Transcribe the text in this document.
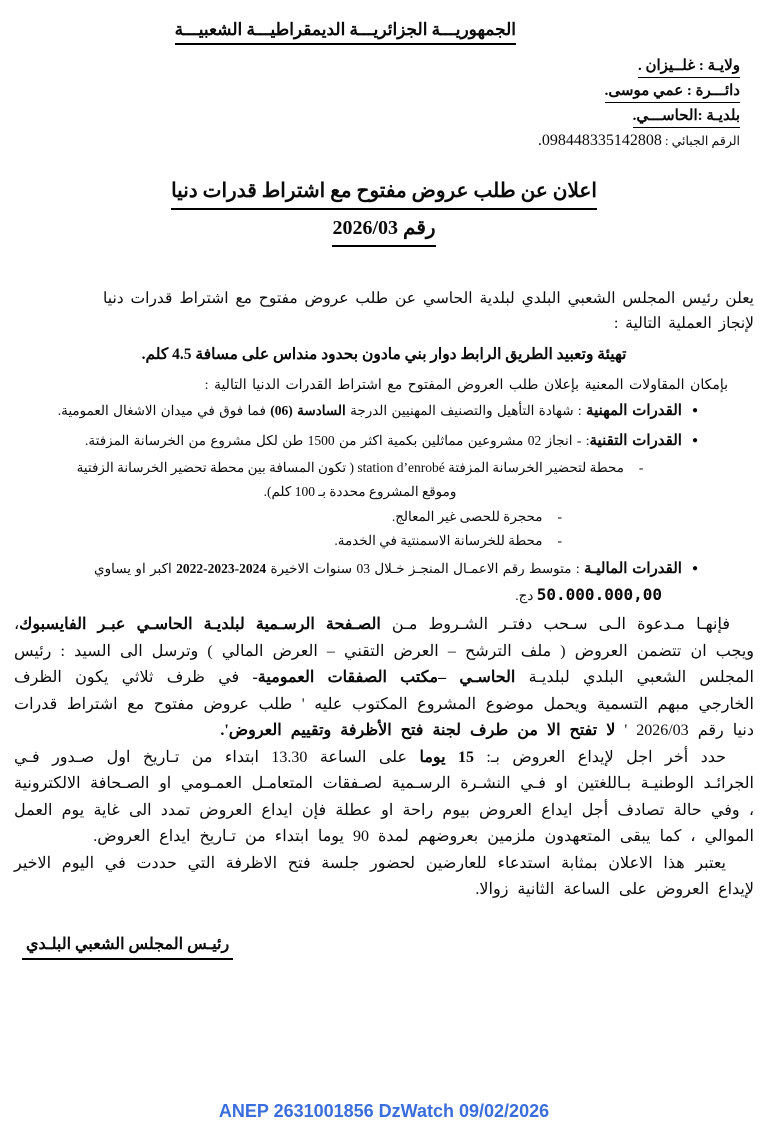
الجمهوريـــة الجزائريـــة الديمقراطيـــة الشعبيـــة
ولايـة : غلــيزان .
دائـــرة : عمي موسى.
بلديـة :الحاســـي.
الرقم الجبائي : 098448335142808.
اعلان عن طلب عروض مفتوح مع اشتراط قدرات دنيا
رقم 2026/03
يعلن رئيس المجلس الشعبي البلدي لبلدية الحاسي عن طلب عروض مفتوح مع اشتراط قدرات دنيا
لإنجاز العملية التالية :
تهيئة وتعبيد الطريق الرابط دوار بني مادون بحدود منداس على مسافة 4.5 كلم.
بإمكان المقاولات المعنية بإعلان طلب العروض المفتوح مع اشتراط القدرات الدنيا التالية :
●القدرات المهنية : شهادة التأهيل والتصنيف المهنيين الدرجة السادسة (06) فما فوق في ميدان الاشغال العمومية.
●القدرات التقنية: - انجاز 02 مشروعين مماثلين بكمية اكثر من 1500 طن لكل مشروع من الخرسانة المزفتة.
-محطة لتحضير الخرسانة المزفتة station d’enrobé ( تكون المسافة بين محطة تحضير الخرسانة الزفتية وموقع المشروع محددة بـ 100 كلم).
-محجرة للحصى غير المعالج.
-محطة للخرسانة الاسمنتية في الخدمة.
●القدرات الماليـة : متوسط رقم الاعمـال المنجـز خـلال 03 سنوات الاخيرة 2024-2023-2022 اكبر او يساوي
50.000.000,00 دج.

فإنهـا مـدعوة الـى سـحب دفتـر الشـروط مـن الصـفحة الرسـمية لبلديـة الحاسـي عبـر الفايسبوك، ويجب ان تتضمن العروض ( ملف الترشح – العرض التقني – العرض المالي ) وترسل الى السيد : رئيس المجلس الشعبي البلدي لبلديـة الحاسـي –مكتب الصفقات العمومية- في ظرف ثلاثي يكون الظرف الخارجي مبهم التسمية ويحمل موضوع المشروع المكتوب عليه ' طلب عروض مفتوح مع اشتراط قدرات دنيا رقم 2026/03 ' لا تفتح الا من طرف لجنة فتح الأظرفة وتقييم العروض'.

حدد أخر اجل لإيداع العروض بـ: 15 يوما على الساعة 13.30 ابتداء من تـاريخ اول صـدور فـي الجرائـد الوطنيـة بـاللغتين او فـي النشـرة الرسـمية لصـفقات المتعامـل العمـومي او الصـحافة الالكترونية ، وفي حالة تصادف أجل ايداع العروض بيوم راحة او عطلة فإن ايداع العروض تمدد الى غاية يوم العمل الموالي ، كما يبقى المتعهدون ملزمين بعروضهم لمدة 90 يوما ابتداء من تـاريخ ايداع العروض.

يعتبر هذا الاعلان بمثابة استدعاء للعارضين لحضور جلسة فتح الاظرفة التي حددت في اليوم الاخير لإيداع العروض على الساعة الثانية زوالا.

رئيـس المجلس الشعبي البلـدي
ANEP 2631001856 DzWatch 09/02/2026
